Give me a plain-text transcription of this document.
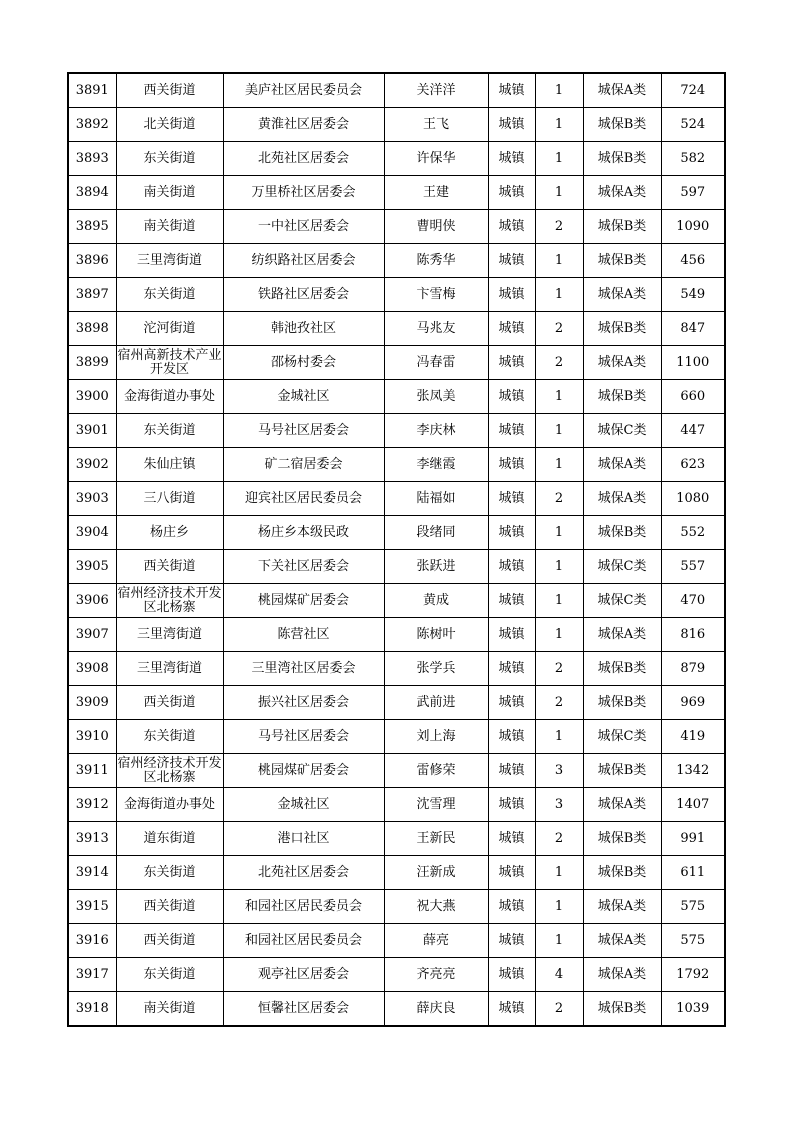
3891	西关街道	美庐社区居民委员会	关洋洋	城镇	1	城保A类	724
3892	北关街道	黄淮社区居委会	王飞	城镇	1	城保B类	524
3893	东关街道	北苑社区居委会	许保华	城镇	1	城保B类	582
3894	南关街道	万里桥社区居委会	王建	城镇	1	城保A类	597
3895	南关街道	一中社区居委会	曹明侠	城镇	2	城保B类	1090
3896	三里湾街道	纺织路社区居委会	陈秀华	城镇	1	城保B类	456
3897	东关街道	铁路社区居委会	卞雪梅	城镇	1	城保A类	549
3898	沱河街道	韩池孜社区	马兆友	城镇	2	城保B类	847
3899	宿州高新技术产业开发区	邵杨村委会	冯春雷	城镇	2	城保A类	1100
3900	金海街道办事处	金城社区	张凤美	城镇	1	城保B类	660
3901	东关街道	马号社区居委会	李庆林	城镇	1	城保C类	447
3902	朱仙庄镇	矿二宿居委会	李继霞	城镇	1	城保A类	623
3903	三八街道	迎宾社区居民委员会	陆福如	城镇	2	城保A类	1080
3904	杨庄乡	杨庄乡本级民政	段绪同	城镇	1	城保B类	552
3905	西关街道	下关社区居委会	张跃进	城镇	1	城保C类	557
3906	宿州经济技术开发区北杨寨	桃园煤矿居委会	黄成	城镇	1	城保C类	470
3907	三里湾街道	陈营社区	陈树叶	城镇	1	城保A类	816
3908	三里湾街道	三里湾社区居委会	张学兵	城镇	2	城保B类	879
3909	西关街道	振兴社区居委会	武前进	城镇	2	城保B类	969
3910	东关街道	马号社区居委会	刘上海	城镇	1	城保C类	419
3911	宿州经济技术开发区北杨寨	桃园煤矿居委会	雷修荣	城镇	3	城保B类	1342
3912	金海街道办事处	金城社区	沈雪理	城镇	3	城保A类	1407
3913	道东街道	港口社区	王新民	城镇	2	城保B类	991
3914	东关街道	北苑社区居委会	汪新成	城镇	1	城保B类	611
3915	西关街道	和园社区居民委员会	祝大燕	城镇	1	城保A类	575
3916	西关街道	和园社区居民委员会	薛亮	城镇	1	城保A类	575
3917	东关街道	观亭社区居委会	齐亮亮	城镇	4	城保A类	1792
3918	南关街道	恒馨社区居委会	薛庆良	城镇	2	城保B类	1039
